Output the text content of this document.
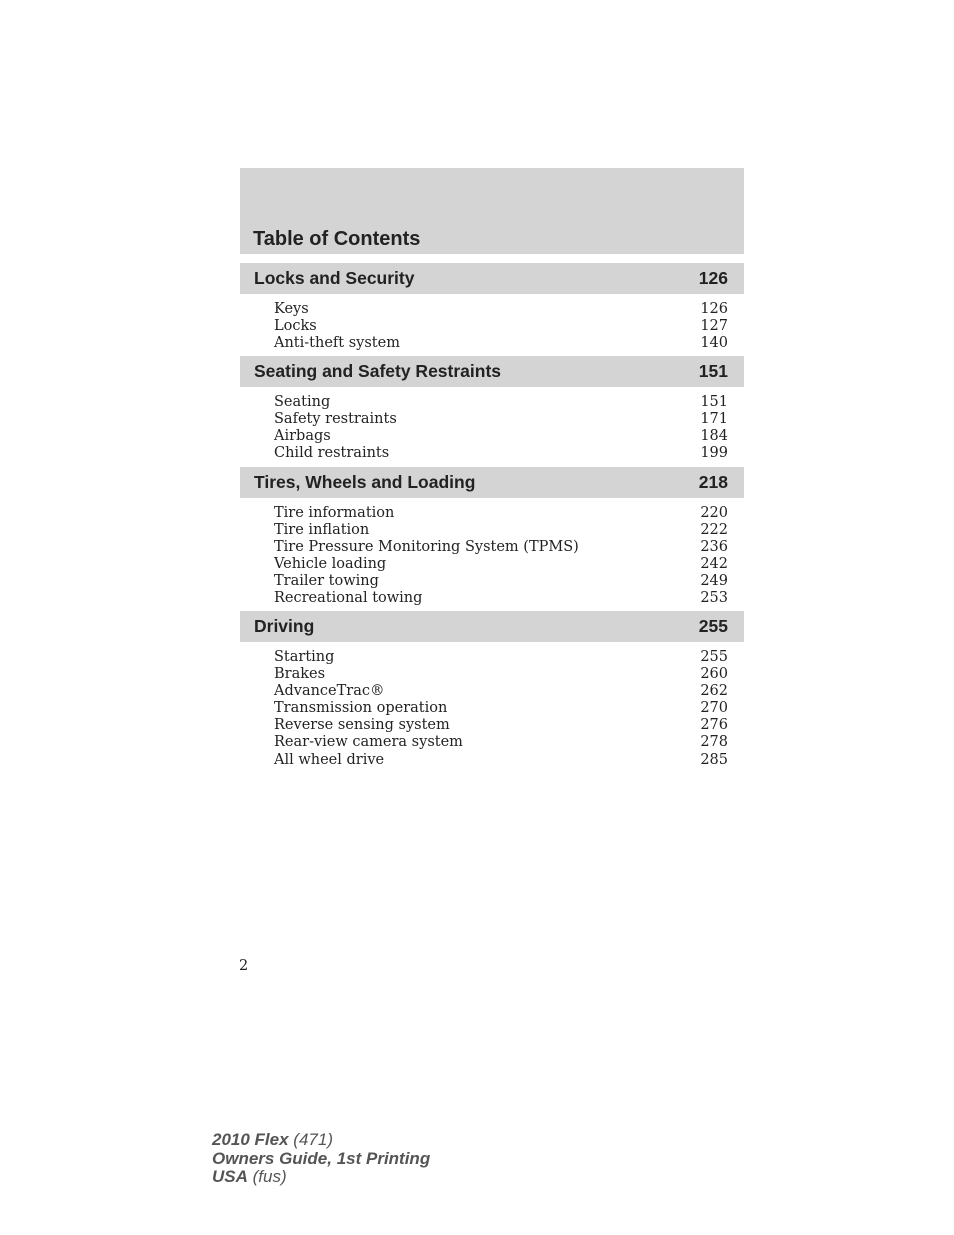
Table of Contents
Locks and Security	126
Keys	126
Locks	127
Anti-theft system	140
Seating and Safety Restraints	151
Seating	151
Safety restraints	171
Airbags	184
Child restraints	199
Tires, Wheels and Loading	218
Tire information	220
Tire inflation	222
Tire Pressure Monitoring System (TPMS)	236
Vehicle loading	242
Trailer towing	249
Recreational towing	253
Driving	255
Starting	255
Brakes	260
AdvanceTrac®	262
Transmission operation	270
Reverse sensing system	276
Rear-view camera system	278
All wheel drive	285
2
2010 Flex (471)
Owners Guide, 1st Printing
USA (fus)
